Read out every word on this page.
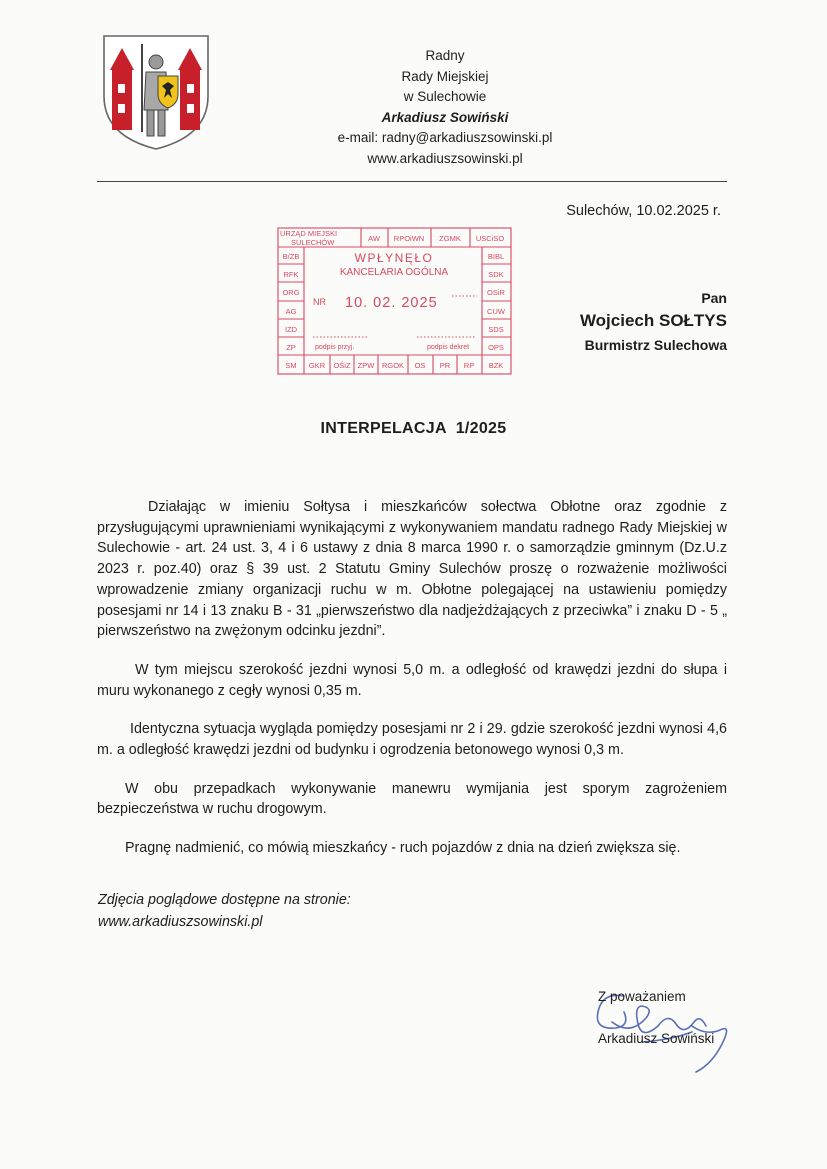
Radny
Rady Miejskiej
w Sulechowie
Arkadiusz Sowiński
e-mail: radny@arkadiuszsowinski.pl
www.arkadiuszsowinski.pl
Sulechów, 10.02.2025 r.
URZĄD MIEJSKI
SULECHÓW	AW RPOiWN ZGMK USCiSO
B/ZB
RFK
ORG
AG
IZD
ZP
SM
BIBL
SDK
OSiR
CUW
SDS
OPS
BZK
GKR OŚiZ ZPW RGOK OS PR RP
WPŁYNĘŁO
KANCELARIA OGÓLNA
NR 10. 02. 2025
podpis przyj.	podpis dekret
Pan
Wojciech SOŁTYS
Burmistrz Sulechowa
INTERPELACJA  1/2025

Działając w imieniu Sołtysa i mieszkańców sołectwa Obłotne oraz zgodnie z przysługującymi uprawnieniami wynikającymi z wykonywaniem mandatu radnego Rady Miejskiej w Sulechowie - art. 24 ust. 3, 4 i 6 ustawy z dnia 8 marca 1990 r. o samorządzie gminnym (Dz.U.z 2023 r. poz.40) oraz § 39 ust. 2 Statutu Gminy Sulechów proszę o rozważenie możliwości wprowadzenie zmiany organizacji ruchu w m. Obłotne polegającej na ustawieniu pomiędzy posesjami nr 14 i 13 znaku B - 31 „pierwszeństwo dla nadjeżdżających z przeciwka” i znaku D - 5 „ pierwszeństwo na zwężonym odcinku jezdni”.

W tym miejscu szerokość jezdni wynosi 5,0 m. a odległość od krawędzi jezdni do słupa i muru wykonanego z cegły wynosi 0,35 m.

Identyczna sytuacja wygląda pomiędzy posesjami nr 2 i 29. gdzie szerokość jezdni wynosi 4,6 m. a odległość krawędzi jezdni od budynku i ogrodzenia betonowego wynosi 0,3 m.

W obu przepadkach wykonywanie manewru wymijania jest sporym zagrożeniem bezpieczeństwa w ruchu drogowym.

Pragnę nadmienić, co mówią mieszkańcy - ruch pojazdów z dnia na dzień zwiększa się.

Zdjęcia poglądowe dostępne na stronie:
www.arkadiuszsowinski.pl
Z poważaniem
Arkadiusz Sowiński
